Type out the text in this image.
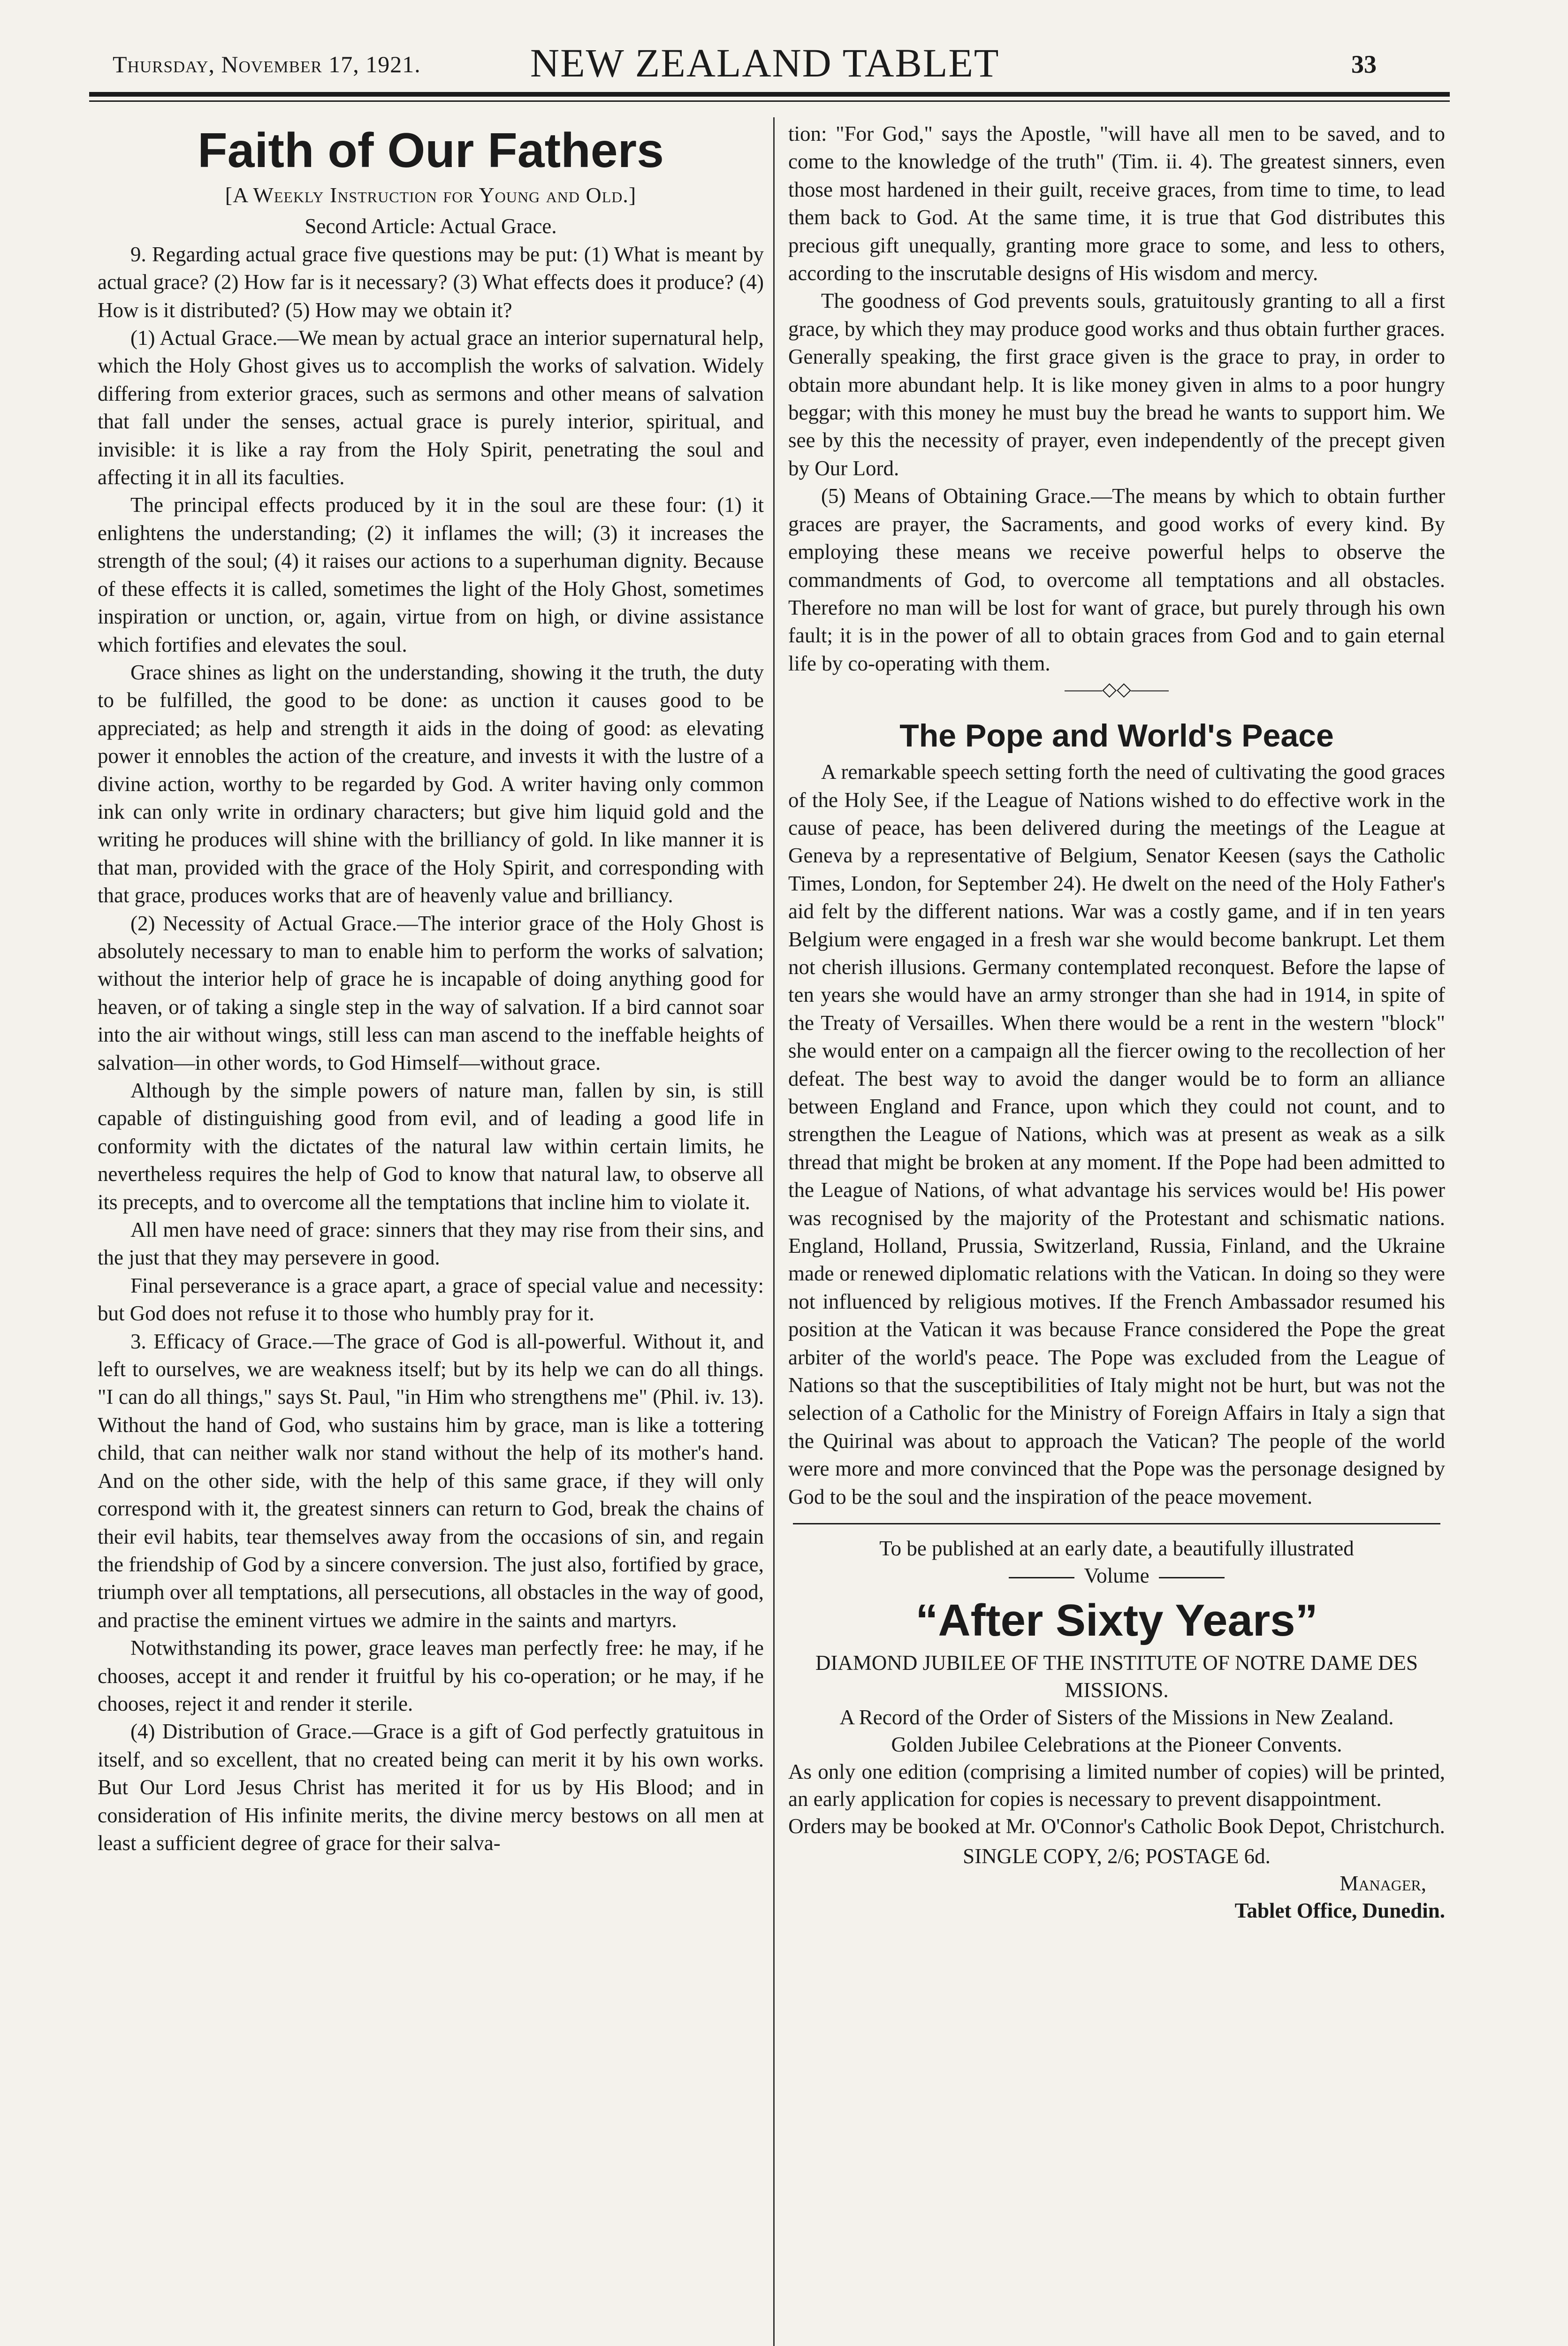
Thursday, November 17, 1921.	NEW ZEALAND TABLET	33

Faith of Our Fathers

[A Weekly Instruction for Young and Old.]

Second Article: Actual Grace.

9. Regarding actual grace five questions may be put: (1) What is meant by actual grace? (2) How far is it necessary? (3) What effects does it produce? (4) How is it distributed? (5) How may we obtain it?

(1) Actual Grace.—We mean by actual grace an interior supernatural help, which the Holy Ghost gives us to accomplish the works of salvation. Widely differing from exterior graces, such as sermons and other means of salvation that fall under the senses, actual grace is purely interior, spiritual, and invisible: it is like a ray from the Holy Spirit, penetrating the soul and affecting it in all its faculties.

The principal effects produced by it in the soul are these four: (1) it enlightens the understanding; (2) it inflames the will; (3) it increases the strength of the soul; (4) it raises our actions to a superhuman dignity. Because of these effects it is called, sometimes the light of the Holy Ghost, sometimes inspiration or unction, or, again, virtue from on high, or divine assistance which fortifies and elevates the soul.

Grace shines as light on the understanding, showing it the truth, the duty to be fulfilled, the good to be done: as unction it causes good to be appreciated; as help and strength it aids in the doing of good: as elevating power it ennobles the action of the creature, and invests it with the lustre of a divine action, worthy to be regarded by God. A writer having only common ink can only write in ordinary characters; but give him liquid gold and the writing he produces will shine with the brilliancy of gold. In like manner it is that man, provided with the grace of the Holy Spirit, and corresponding with that grace, produces works that are of heavenly value and brilliancy.

(2) Necessity of Actual Grace.—The interior grace of the Holy Ghost is absolutely necessary to man to enable him to perform the works of salvation; without the interior help of grace he is incapable of doing anything good for heaven, or of taking a single step in the way of salvation. If a bird cannot soar into the air without wings, still less can man ascend to the ineffable heights of salvation—in other words, to God Himself—without grace.

Although by the simple powers of nature man, fallen by sin, is still capable of distinguishing good from evil, and of leading a good life in conformity with the dictates of the natural law within certain limits, he nevertheless requires the help of God to know that natural law, to observe all its precepts, and to overcome all the temptations that incline him to violate it.

All men have need of grace: sinners that they may rise from their sins, and the just that they may persevere in good.

Final perseverance is a grace apart, a grace of special value and necessity: but God does not refuse it to those who humbly pray for it.

3. Efficacy of Grace.—The grace of God is all-powerful. Without it, and left to ourselves, we are weakness itself; but by its help we can do all things. "I can do all things," says St. Paul, "in Him who strengthens me" (Phil. iv. 13). Without the hand of God, who sustains him by grace, man is like a tottering child, that can neither walk nor stand without the help of its mother's hand. And on the other side, with the help of this same grace, if they will only correspond with it, the greatest sinners can return to God, break the chains of their evil habits, tear themselves away from the occasions of sin, and regain the friendship of God by a sincere conversion. The just also, fortified by grace, triumph over all temptations, all persecutions, all obstacles in the way of good, and practise the eminent virtues we admire in the saints and martyrs.

Notwithstanding its power, grace leaves man perfectly free: he may, if he chooses, accept it and render it fruitful by his co-operation; or he may, if he chooses, reject it and render it sterile.

(4) Distribution of Grace.—Grace is a gift of God perfectly gratuitous in itself, and so excellent, that no created being can merit it by his own works. But Our Lord Jesus Christ has merited it for us by His Blood; and in consideration of His infinite merits, the divine mercy bestows on all men at least a sufficient degree of grace for their salva-

tion: "For God," says the Apostle, "will have all men to be saved, and to come to the knowledge of the truth" (Tim. ii. 4). The greatest sinners, even those most hardened in their guilt, receive graces, from time to time, to lead them back to God. At the same time, it is true that God distributes this precious gift unequally, granting more grace to some, and less to others, according to the inscrutable designs of His wisdom and mercy.

The goodness of God prevents souls, gratuitously granting to all a first grace, by which they may produce good works and thus obtain further graces. Generally speaking, the first grace given is the grace to pray, in order to obtain more abundant help. It is like money given in alms to a poor hungry beggar; with this money he must buy the bread he wants to support him. We see by this the necessity of prayer, even independently of the precept given by Our Lord.

(5) Means of Obtaining Grace.—The means by which to obtain further graces are prayer, the Sacraments, and good works of every kind. By employing these means we receive powerful helps to observe the commandments of God, to overcome all temptations and all obstacles. Therefore no man will be lost for want of grace, but purely through his own fault; it is in the power of all to obtain graces from God and to gain eternal life by co-operating with them.

——◇◇——

The Pope and World's Peace

A remarkable speech setting forth the need of cultivating the good graces of the Holy See, if the League of Nations wished to do effective work in the cause of peace, has been delivered during the meetings of the League at Geneva by a representative of Belgium, Senator Keesen (says the Catholic Times, London, for September 24). He dwelt on the need of the Holy Father's aid felt by the different nations. War was a costly game, and if in ten years Belgium were engaged in a fresh war she would become bankrupt. Let them not cherish illusions. Germany contemplated reconquest. Before the lapse of ten years she would have an army stronger than she had in 1914, in spite of the Treaty of Versailles. When there would be a rent in the western "block" she would enter on a campaign all the fiercer owing to the recollection of her defeat. The best way to avoid the danger would be to form an alliance between England and France, upon which they could not count, and to strengthen the League of Nations, which was at present as weak as a silk thread that might be broken at any moment. If the Pope had been admitted to the League of Nations, of what advantage his services would be! His power was recognised by the majority of the Protestant and schismatic nations. England, Holland, Prussia, Switzerland, Russia, Finland, and the Ukraine made or renewed diplomatic relations with the Vatican. In doing so they were not influenced by religious motives. If the French Ambassador resumed his position at the Vatican it was because France considered the Pope the great arbiter of the world's peace. The Pope was excluded from the League of Nations so that the susceptibilities of Italy might not be hurt, but was not the selection of a Catholic for the Ministry of Foreign Affairs in Italy a sign that the Quirinal was about to approach the Vatican? The people of the world were more and more convinced that the Pope was the personage designed by God to be the soul and the inspiration of the peace movement.

To be published at an early date, a beautifully illustrated

Volume

“After Sixty Years”

DIAMOND JUBILEE OF THE INSTITUTE OF NOTRE DAME DES MISSIONS.

A Record of the Order of Sisters of the Missions in New Zealand.

Golden Jubilee Celebrations at the Pioneer Convents.

As only one edition (comprising a limited number of copies) will be printed, an early application for copies is necessary to prevent disappointment.

Orders may be booked at Mr. O'Connor's Catholic Book Depot, Christchurch.

SINGLE COPY, 2/6; POSTAGE 6d.

Manager,

Tablet Office, Dunedin.
